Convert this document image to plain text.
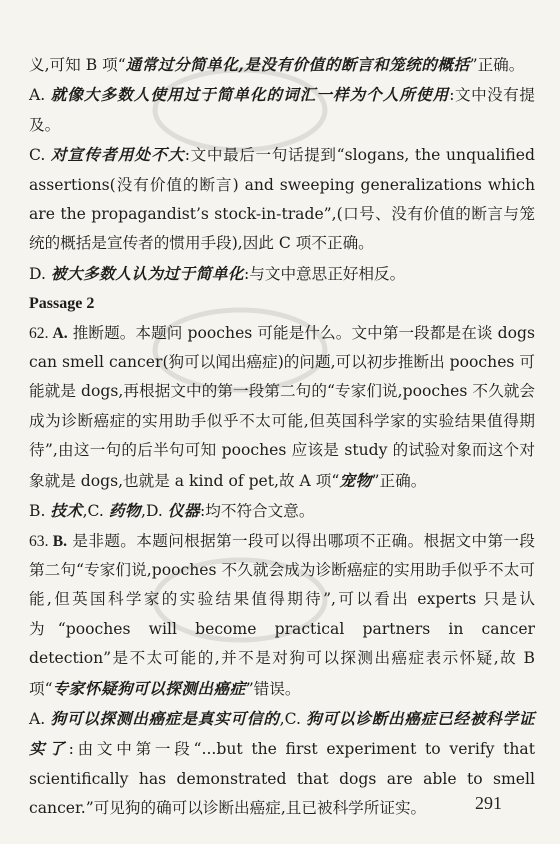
义,可知 B 项“通常过分简单化,是没有价值的断言和笼统的概括”正确。

A. 就像大多数人使用过于简单化的词汇一样为个人所使用:文中没有提及。

C. 对宣传者用处不大:文中最后一句话提到“slogans, the unqualified assertions(没有价值的断言) and sweeping generalizations which are the propagandist’s stock-in-trade”,(口号、没有价值的断言与笼统的概括是宣传者的惯用手段),因此 C 项不正确。

D. 被大多数人认为过于简单化:与文中意思正好相反。

Passage 2

62. A. 推断题。本题问 pooches 可能是什么。文中第一段都是在谈 dogs can smell cancer(狗可以闻出癌症)的问题,可以初步推断出 pooches 可能就是 dogs,再根据文中的第一段第二句的“专家们说,pooches 不久就会成为诊断癌症的实用助手似乎不太可能,但英国科学家的实验结果值得期待”,由这一句的后半句可知 pooches 应该是 study 的试验对象而这个对象就是 dogs,也就是 a kind of pet,故 A 项“宠物”正确。

B. 技术,C. 药物,D. 仪器:均不符合文意。

63. B. 是非题。本题问根据第一段可以得出哪项不正确。根据文中第一段第二句“专家们说,pooches 不久就会成为诊断癌症的实用助手似乎不太可能,但英国科学家的实验结果值得期待”,可以看出 experts 只是认为“pooches will become practical partners in cancer detection”是不太可能的,并不是对狗可以探测出癌症表示怀疑,故 B 项“专家怀疑狗可以探测出癌症”错误。

A. 狗可以探测出癌症是真实可信的,C. 狗可以诊断出癌症已经被科学证实了:由文中第一段“...but the first experiment to verify that scientifically has demonstrated that dogs are able to smell cancer.”可见狗的确可以诊断出癌症,且已被科学所证实。	291
